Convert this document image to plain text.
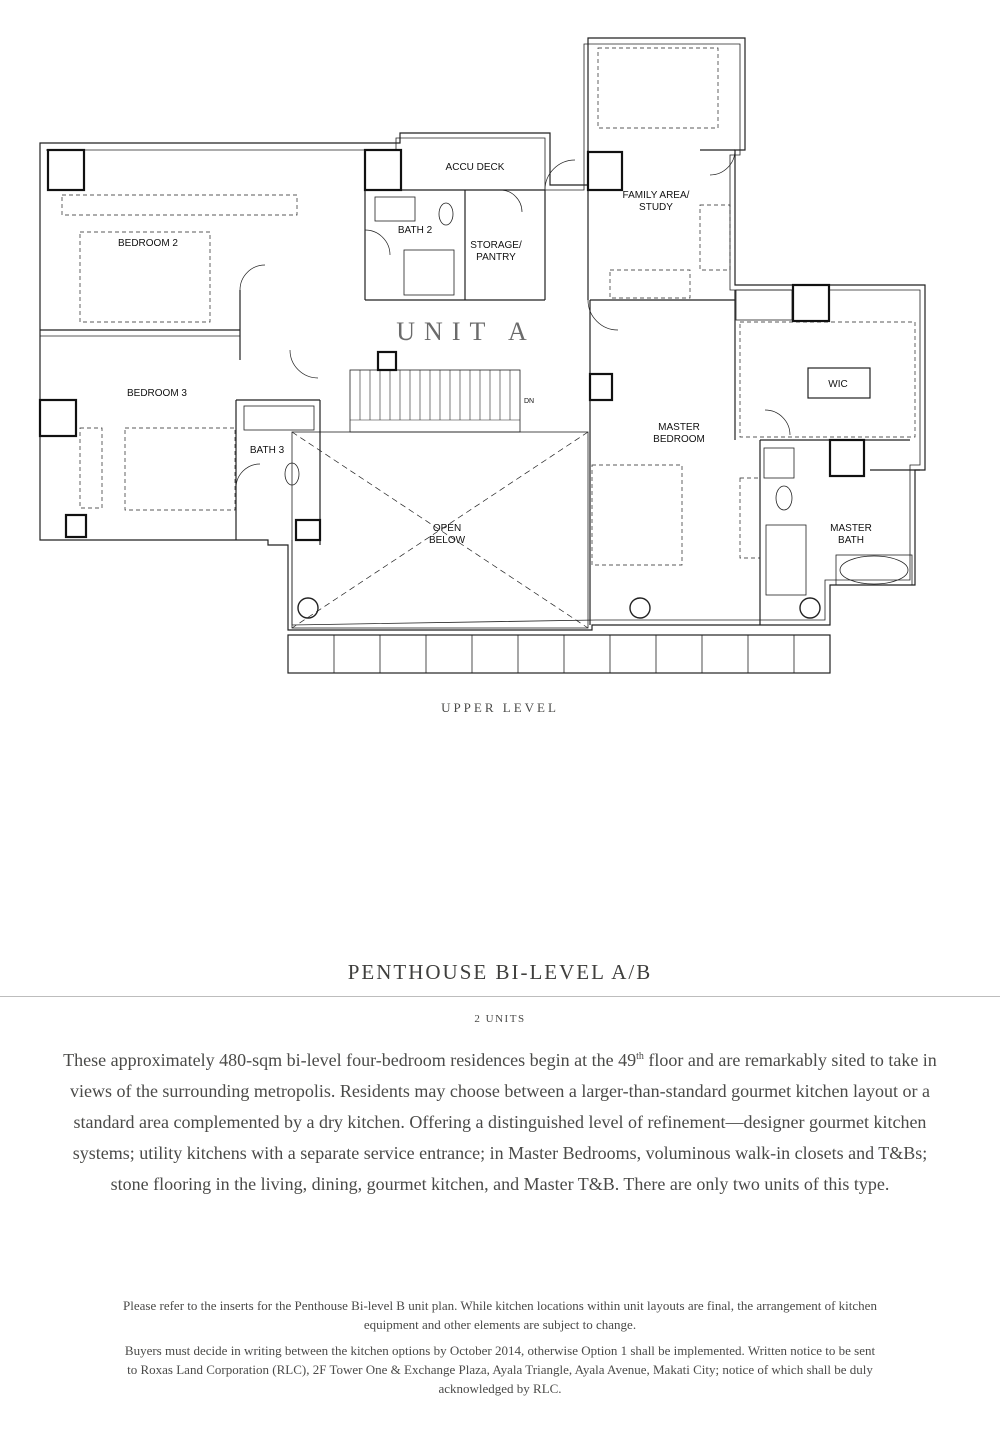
ACCU DECK
FAMILY AREA/
STUDY
BEDROOM 2
BATH 2
STORAGE/
PANTRY
UNIT A
BEDROOM 3
BATH 3
OPEN
BELOW
MASTER
BEDROOM
WIC
MASTER
BATH
DN
UPPER LEVEL
PENTHOUSE BI-LEVEL A/B
2 UNITS

These approximately 480-sqm bi-level four-bedroom residences begin at the 49th floor and are remarkably sited to take in views of the surrounding metropolis. Residents may choose between a larger-than-standard gourmet kitchen layout or a standard area complemented by a dry kitchen. Offering a distinguished level of refinement—designer gourmet kitchen systems; utility kitchens with a separate service entrance; in Master Bedrooms, voluminous walk-in closets and T&Bs; stone flooring in the living, dining, gourmet kitchen, and Master T&B. There are only two units of this type.

Please refer to the inserts for the Penthouse Bi-level B unit plan. While kitchen locations within unit layouts are final, the arrangement of kitchen equipment and other elements are subject to change.

Buyers must decide in writing between the kitchen options by October 2014, otherwise Option 1 shall be implemented. Written notice to be sent to Roxas Land Corporation (RLC), 2F Tower One & Exchange Plaza, Ayala Triangle, Ayala Avenue, Makati City; notice of which shall be duly acknowledged by RLC.
